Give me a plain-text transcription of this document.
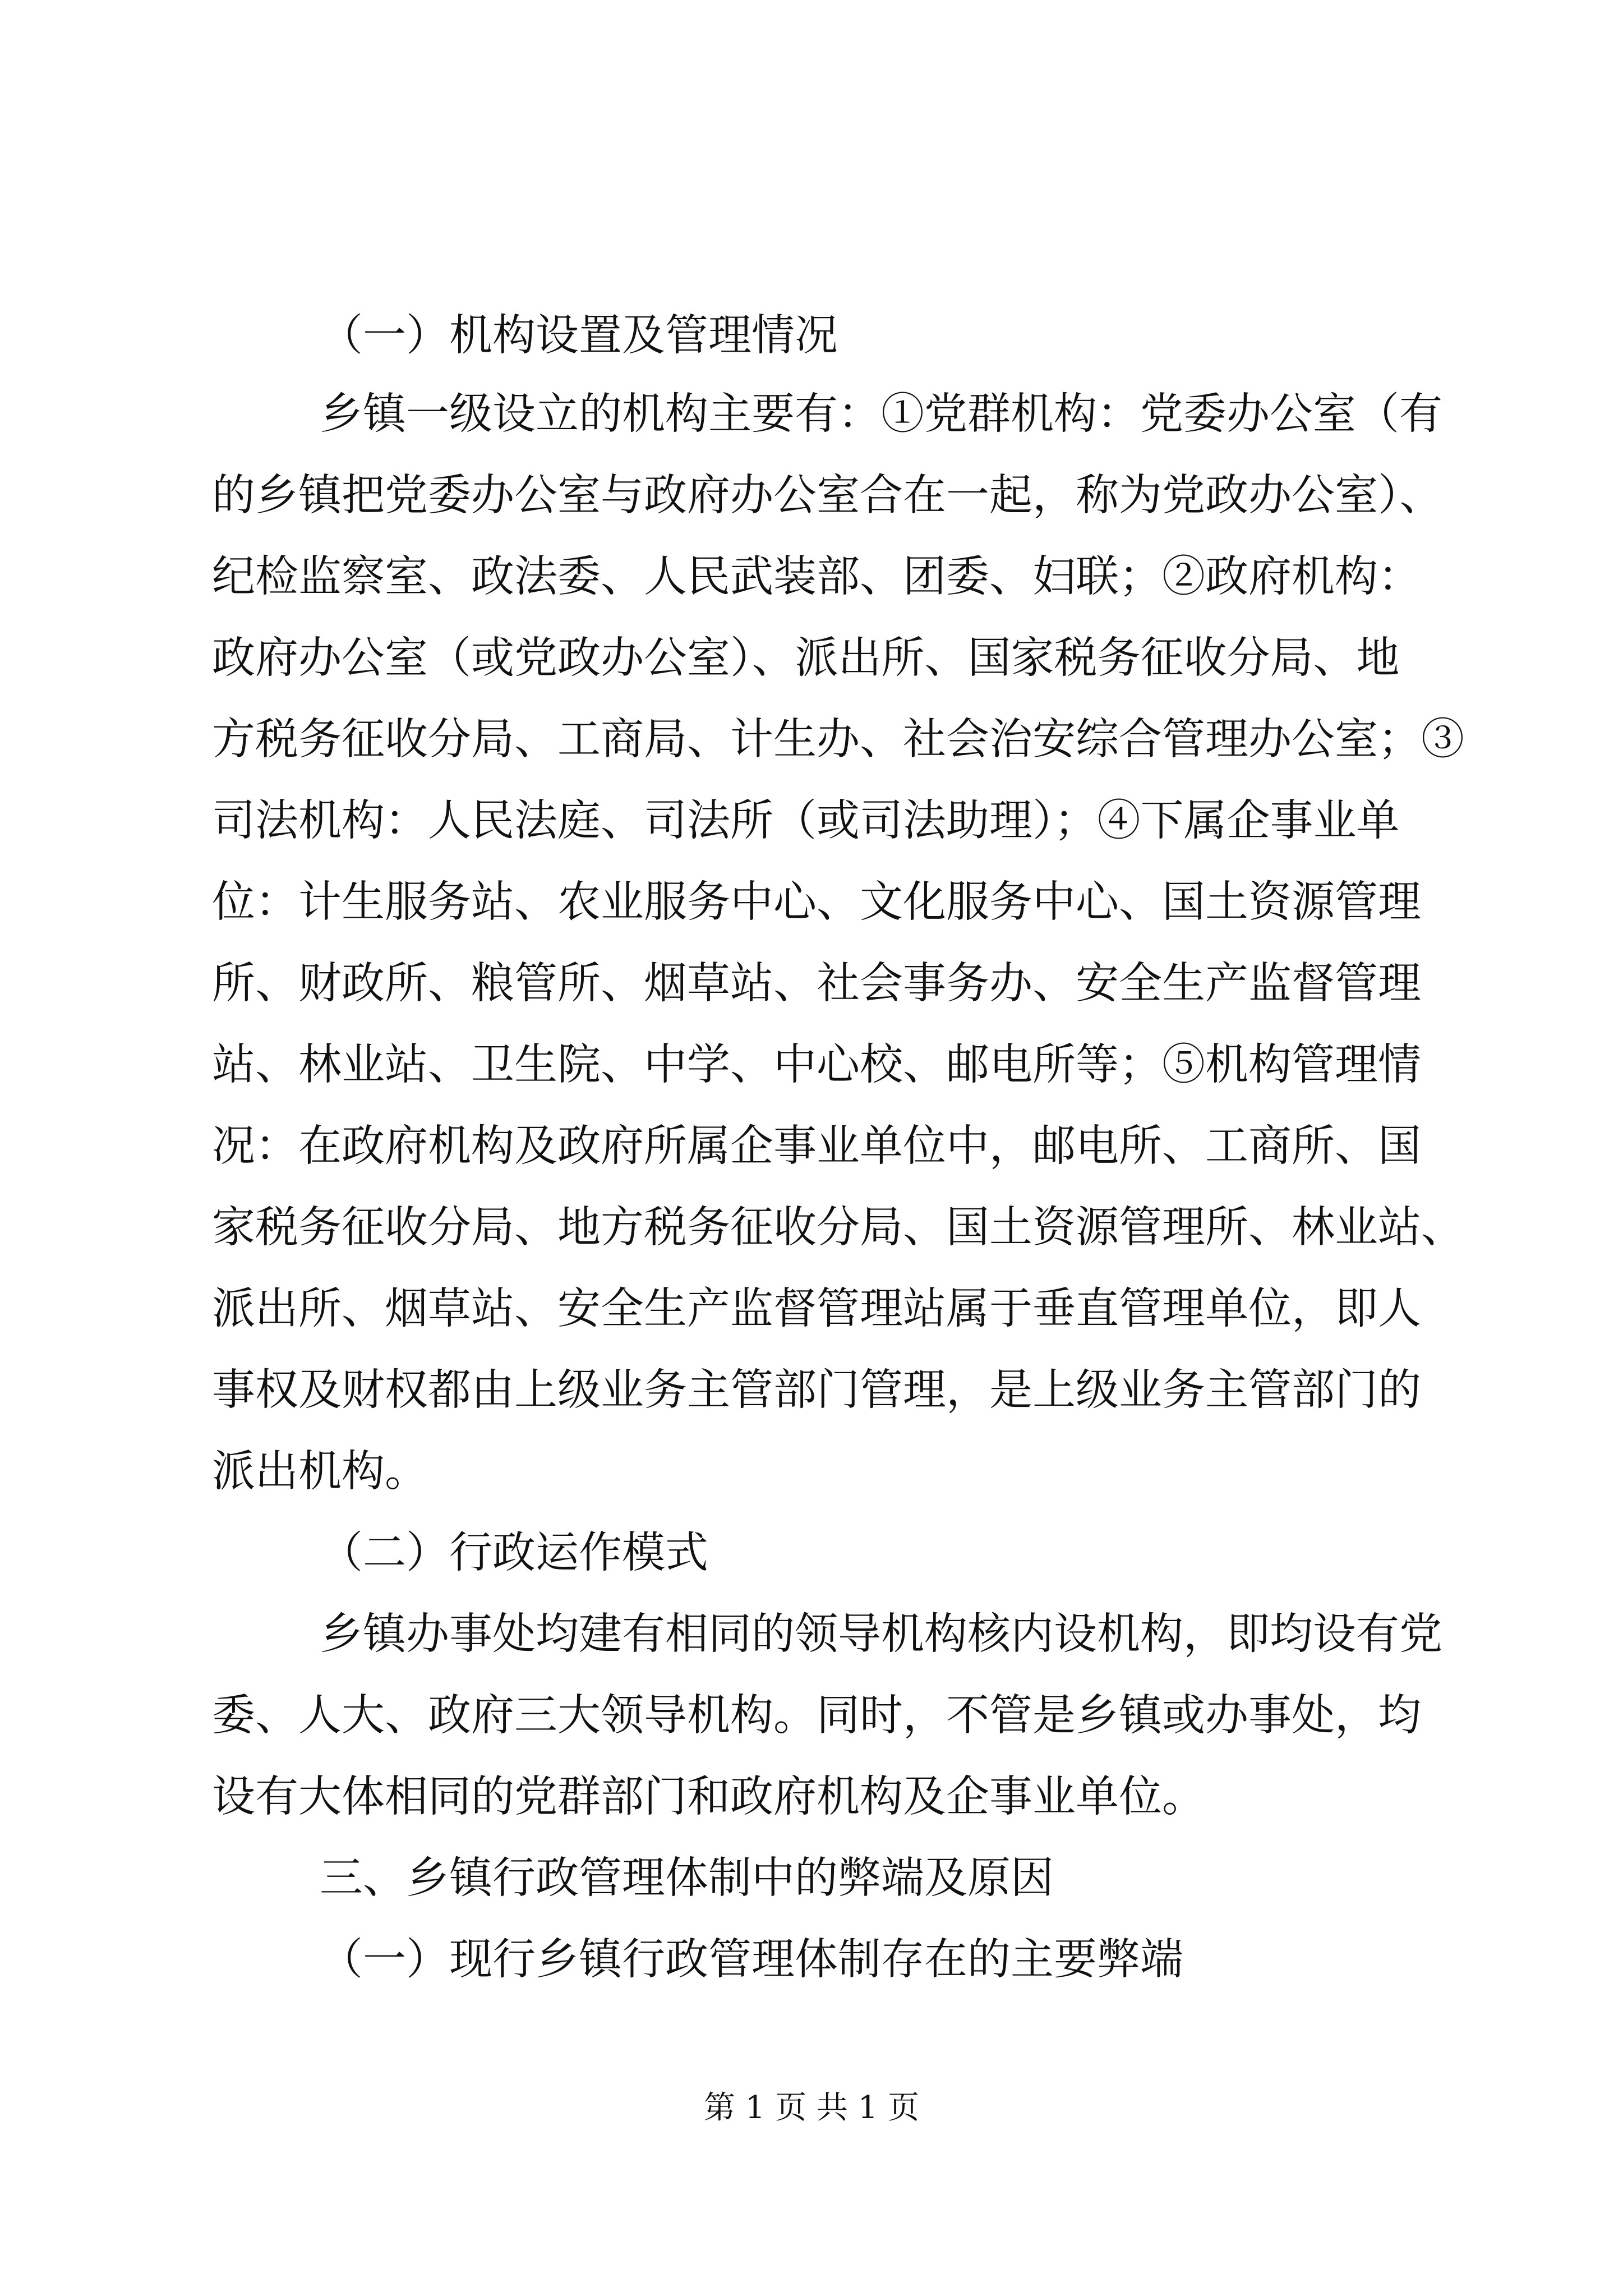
（一）机构设置及管理情况

乡镇一级设立的机构主要有：①党群机构：党委办公室（有

的乡镇把党委办公室与政府办公室合在一起，称为党政办公室）、

纪检监察室、政法委、人民武装部、团委、妇联；②政府机构：

政府办公室（或党政办公室）、派出所、国家税务征收分局、地

方税务征收分局、工商局、计生办、社会治安综合管理办公室；③

司法机构：人民法庭、司法所（或司法助理）；④下属企事业单

位：计生服务站、农业服务中心、文化服务中心、国土资源管理

所、财政所、粮管所、烟草站、社会事务办、安全生产监督管理

站、林业站、卫生院、中学、中心校、邮电所等；⑤机构管理情

况：在政府机构及政府所属企事业单位中，邮电所、工商所、国

家税务征收分局、地方税务征收分局、国土资源管理所、林业站、

派出所、烟草站、安全生产监督管理站属于垂直管理单位，即人

事权及财权都由上级业务主管部门管理，是上级业务主管部门的

派出机构。

（二）行政运作模式

乡镇办事处均建有相同的领导机构核内设机构，即均设有党

委、人大、政府三大领导机构。同时，不管是乡镇或办事处，均

设有大体相同的党群部门和政府机构及企事业单位。

三、乡镇行政管理体制中的弊端及原因

（一）现行乡镇行政管理体制存在的主要弊端

第 1 页 共 1 页
